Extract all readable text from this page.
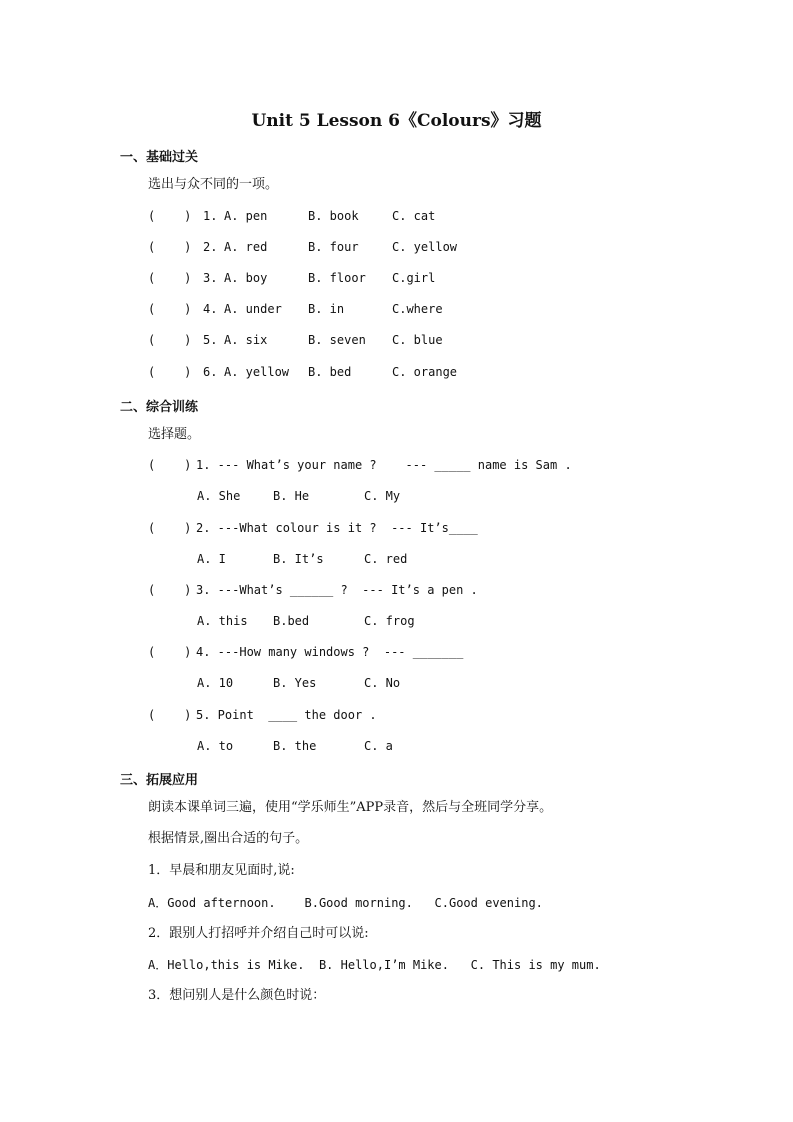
Unit 5 Lesson 6《Colours》习题
一、基础过关
选出与众不同的一项。
(    ) 1. A. pen	B. book	C. cat
(    ) 2. A. red	B. four	C. yellow
(    ) 3. A. boy	B. floor C.girl
(    ) 4. A. under B. in	C.where
(    ) 5. A. six	B. seven C. blue
(    ) 6. A. yellow B. bed	C. orange
二、综合训练
选择题。
(    ) 1. --- What’s your name ?    --- _____ name is Sam .
A. She	B. He	C. My
(    ) 2. ---What colour is it ?  --- It’s____
A. I	B. It’s	C. red
(    ) 3. ---What’s ______ ?  --- It’s a pen .
A. this B.bed	C. frog
(    ) 4. ---How many windows ?  --- _______
A. 10	B. Yes	C. No
(    ) 5. Point  ____ the door .
A. to	B. the	C. a
三、拓展应用
朗读本课单词三遍，使用“学乐师生”APP录音，然后与全班同学分享。
根据情景,圈出合适的句子。
1．早晨和朋友见面时,说:
A．Good afternoon.    B.Good morning.   C.Good evening.
2．跟别人打招呼并介绍自己时可以说:
A．Hello,this is Mike.  B. Hello,I’m Mike.   C. This is my mum.
3．想问别人是什么颜色时说：
